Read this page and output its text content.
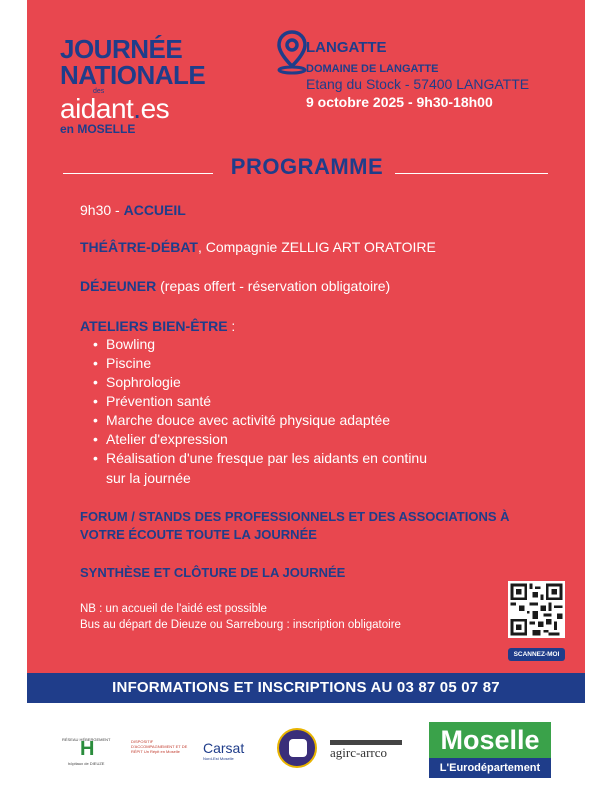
JOURNÉE
NATIONALE
des
aidant.es
en MOSELLE
LANGATTE
DOMAINE DE LANGATTE
Etang du Stock - 57400 LANGATTE
9 octobre 2025 - 9h30-18h00
PROGRAMME
9h30 - ACCUEIL
THÉÂTRE-DÉBAT, Compagnie ZELLIG ART ORATOIRE
DÉJEUNER (repas offert - réservation obligatoire)
ATELIERS BIEN-ÊTRE :
• Bowling
• Piscine
• Sophrologie
• Prévention santé
• Marche douce avec activité physique adaptée
• Atelier d'expression
• Réalisation d'une fresque par les aidants en continu
sur la journée
FORUM / STANDS DES PROFESSIONNELS ET DES ASSOCIATIONS À
VOTRE ÉCOUTE TOUTE LA JOURNÉE
SYNTHÈSE ET CLÔTURE DE LA JOURNÉE
NB : un accueil de l'aidé est possible
Bus au départ de Dieuze ou Sarrebourg : inscription obligatoire
SCANNEZ-MOI
INFORMATIONS ET INSCRIPTIONS AU 03 87 05 07 87
RÉSEAU HÉBERGEMENT
H
hôpitaux de DIEUZE
DISPOSITIF D'ACCOMPAGNEMENT ET DE RÉPIT Un Répit en Moselle	Carsat
Nord-Est Moselle	agirc-arrco	Moselle
L'Eurodépartement
